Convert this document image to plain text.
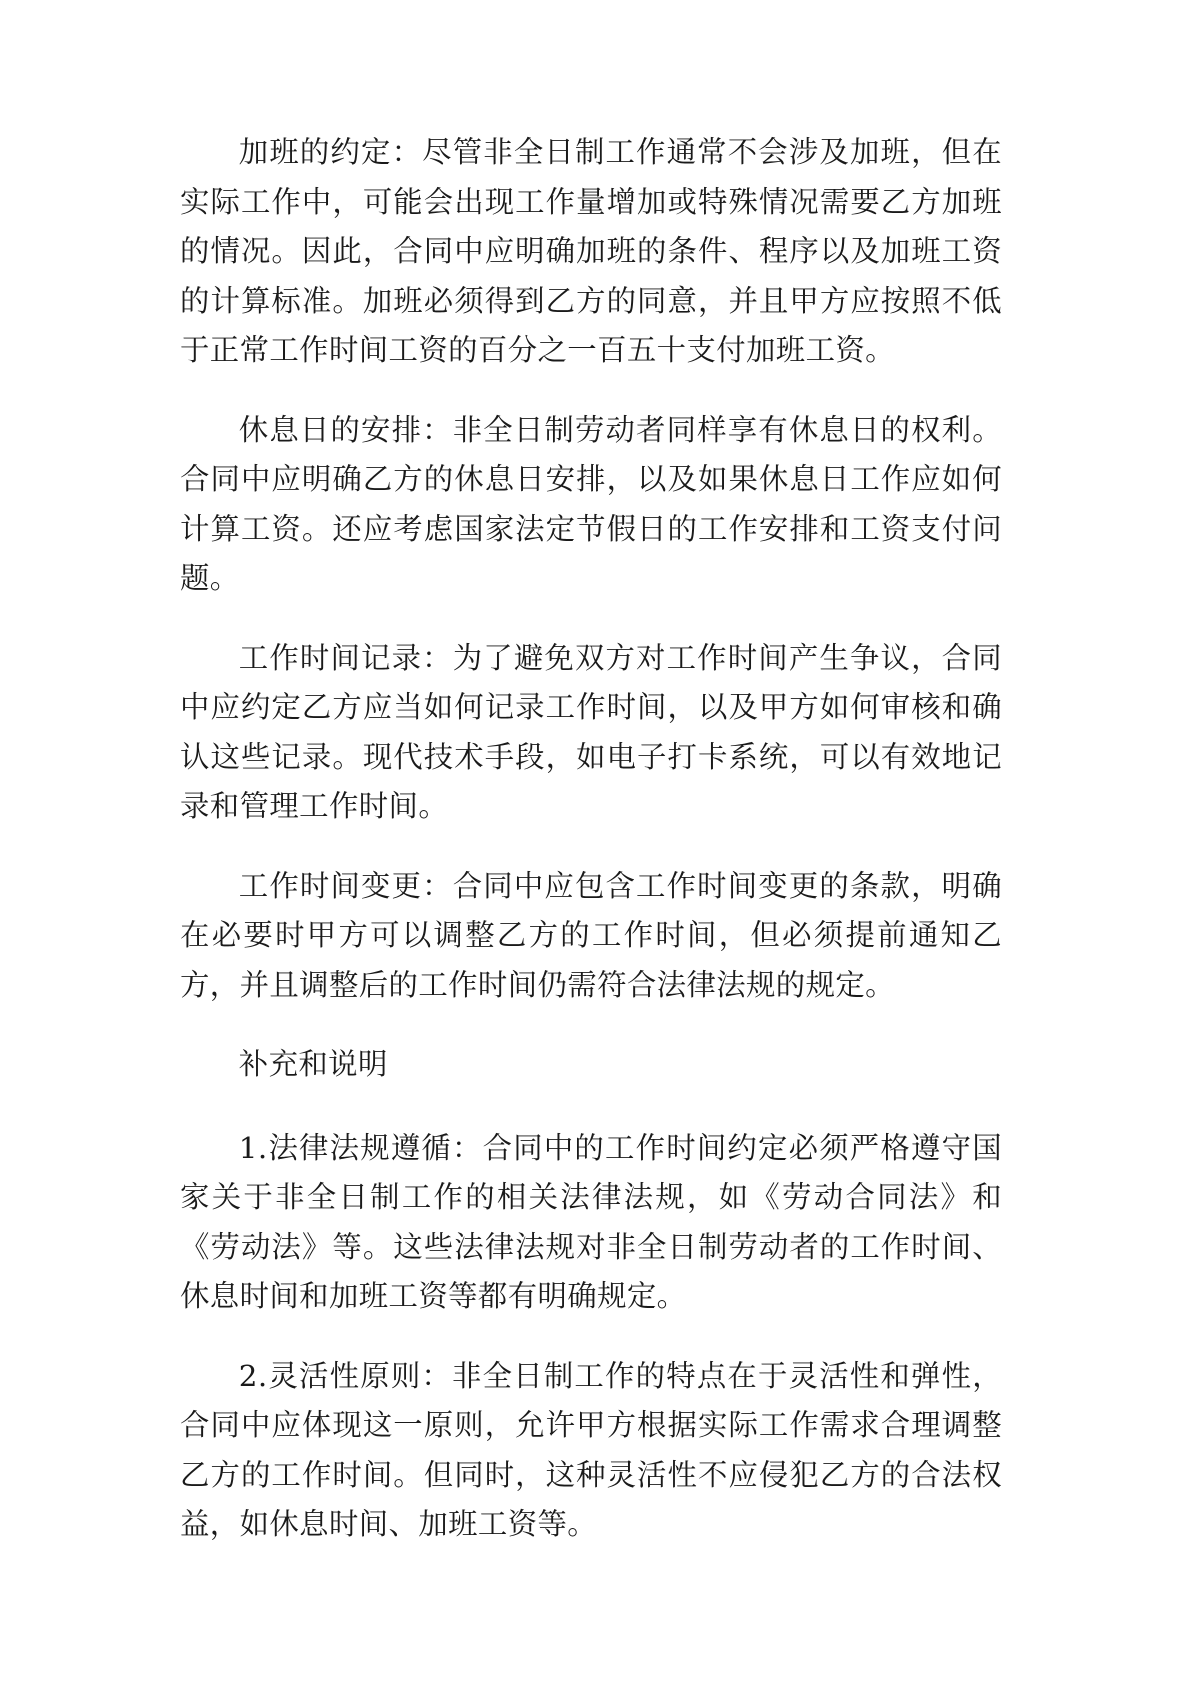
加班的约定：尽管非全日制工作通常不会涉及加班，但在实际工作中，可能会出现工作量增加或特殊情况需要乙方加班的情况。因此，合同中应明确加班的条件、程序以及加班工资的计算标准。加班必须得到乙方的同意，并且甲方应按照不低于正常工作时间工资的百分之一百五十支付加班工资。

休息日的安排：非全日制劳动者同样享有休息日的权利。合同中应明确乙方的休息日安排，以及如果休息日工作应如何计算工资。还应考虑国家法定节假日的工作安排和工资支付问题。

工作时间记录：为了避免双方对工作时间产生争议，合同中应约定乙方应当如何记录工作时间，以及甲方如何审核和确认这些记录。现代技术手段，如电子打卡系统，可以有效地记录和管理工作时间。

工作时间变更：合同中应包含工作时间变更的条款，明确在必要时甲方可以调整乙方的工作时间，但必须提前通知乙方，并且调整后的工作时间仍需符合法律法规的规定。

补充和说明

1.法律法规遵循：合同中的工作时间约定必须严格遵守国家关于非全日制工作的相关法律法规，如《劳动合同法》和《劳动法》等。这些法律法规对非全日制劳动者的工作时间、休息时间和加班工资等都有明确规定。

2.灵活性原则：非全日制工作的特点在于灵活性和弹性，合同中应体现这一原则，允许甲方根据实际工作需求合理调整乙方的工作时间。但同时，这种灵活性不应侵犯乙方的合法权益，如休息时间、加班工资等。
